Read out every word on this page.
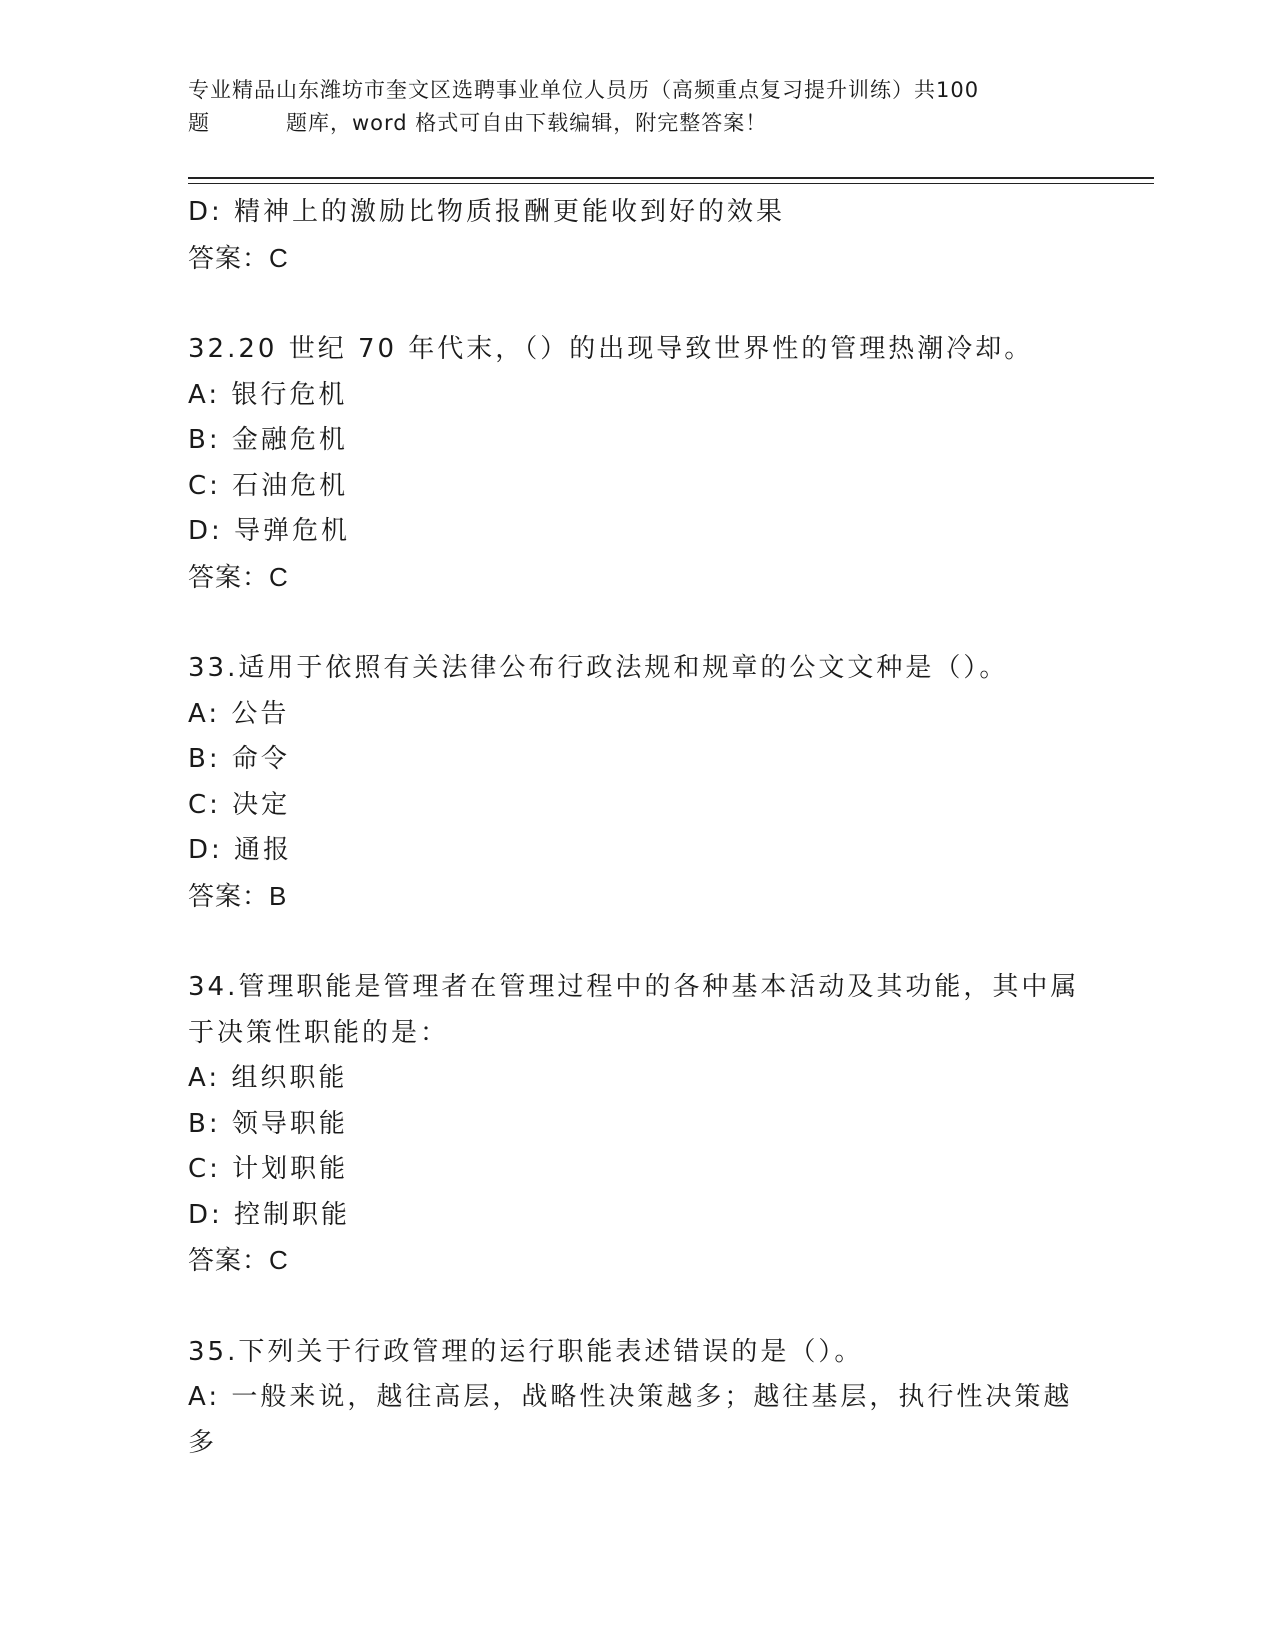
专业精品山东潍坊市奎文区选聘事业单位人员历（高频重点复习提升训练）共100
题	题库，word 格式可自由下载编辑，附完整答案！
D: 精神上的激励比物质报酬更能收到好的效果
答案：C
32.20 世纪 70 年代末，（）的出现导致世界性的管理热潮冷却。
A: 银行危机
B: 金融危机
C: 石油危机
D: 导弹危机
答案：C
33.适用于依照有关法律公布行政法规和规章的公文文种是（）。
A: 公告
B: 命令
C: 决定
D: 通报
答案：B
34.管理职能是管理者在管理过程中的各种基本活动及其功能，其中属
于决策性职能的是：
A: 组织职能
B: 领导职能
C: 计划职能
D: 控制职能
答案：C
35.下列关于行政管理的运行职能表述错误的是（）。
A: 一般来说，越往高层，战略性决策越多；越往基层，执行性决策越
多
